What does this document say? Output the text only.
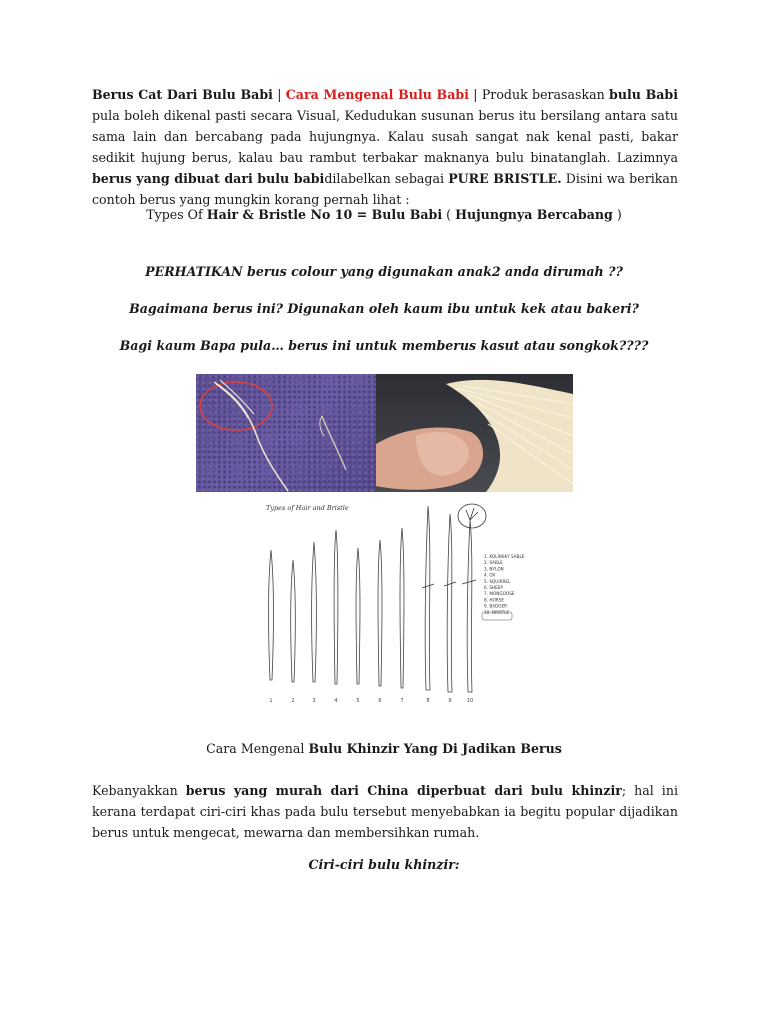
Berus Cat Dari Bulu Babi | Cara Mengenal Bulu Babi | Produk berasaskan bulu Babi pula boleh dikenal pasti secara Visual, Kedudukan susunan berus itu bersilang antara satu sama lain dan bercabang pada hujungnya. Kalau susah sangat nak kenal pasti, bakar sedikit hujung berus, kalau bau rambut terbakar maknanya bulu binatanglah. Lazimnya berus yang dibuat dari bulu babidilabelkan sebagai PURE BRISTLE. Disini wa berikan contoh berus yang mungkin korang pernah lihat :

Types Of Hair & Bristle No 10 = Bulu Babi ( Hujungnya Bercabang )
PERHATIKAN berus colour yang digunakan anak2 anda dirumah ??
Bagaimana berus ini? Digunakan oleh kaum ibu untuk kek atau bakeri?
Bagi kaum Bapa pula… berus ini untuk memberus kasut atau songkok????
Types of Hair and Bristle
1. KOLINSKY SABLE
2. SABLE
3. NYLON
4. OX
5. SQUIRREL
6. SHEEP
7. MONGOOSE
8. HORSE
9. BADGER
10. BRISTLE
1	2	3	4	5	6	7	8	9	10
Cara Mengenal Bulu Khinzir Yang Di Jadikan Berus

Kebanyakkan berus yang murah dari China diperbuat dari bulu khinzir; hal ini kerana terdapat ciri-ciri khas pada bulu tersebut menyebabkan ia begitu popular dijadikan berus untuk mengecat, mewarna dan membersihkan rumah.

Ciri-ciri bulu khinzir:
